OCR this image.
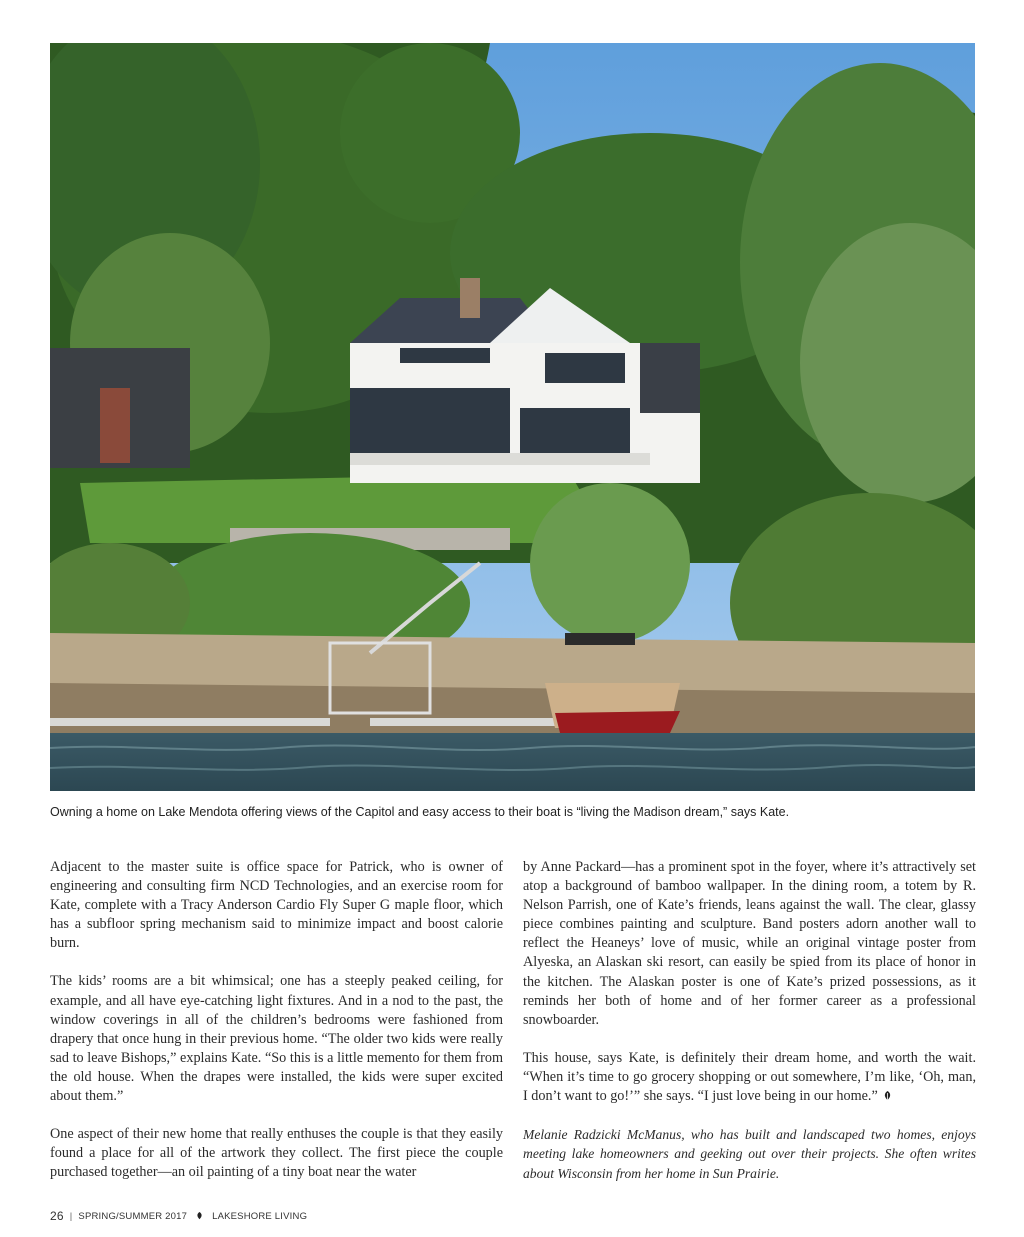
Owning a home on Lake Mendota offering views of the Capitol and easy access to their boat is “living the Madison dream,” says Kate.

Adjacent to the master suite is office space for Patrick, who is owner of engineering and consulting firm NCD Technologies, and an exercise room for Kate, complete with a Tracy Anderson Cardio Fly Super G maple floor, which has a subfloor spring mechanism said to minimize impact and boost calorie burn.

The kids’ rooms are a bit whimsical; one has a steeply peaked ceiling, for example, and all have eye-catching light fixtures. And in a nod to the past, the window coverings in all of the children’s bedrooms were fashioned from drapery that once hung in their previous home. “The older two kids were really sad to leave Bishops,” explains Kate. “So this is a little memento for them from the old house. When the drapes were installed, the kids were super excited about them.”

One aspect of their new home that really enthuses the couple is that they easily found a place for all of the artwork they collect. The first piece the couple purchased together—an oil painting of a tiny boat near the water

by Anne Packard—has a prominent spot in the foyer, where it’s attractively set atop a background of bamboo wallpaper. In the dining room, a totem by R. Nelson Parrish, one of Kate’s friends, leans against the wall. The clear, glassy piece combines painting and sculpture. Band posters adorn another wall to reflect the Heaneys’ love of music, while an original vintage poster from Alyeska, an Alaskan ski resort, can easily be spied from its place of honor in the kitchen. The Alaskan poster is one of Kate’s prized possessions, as it reminds her both of home and of her former career as a professional snowboarder.

This house, says Kate, is definitely their dream home, and worth the wait. “When it’s time to go grocery shopping or out somewhere, I’m like, ‘Oh, man, I don’t want to go!’” she says. “I just love being in our home.”

Melanie Radzicki McManus, who has built and landscaped two homes, enjoys meeting lake homeowners and geeking out over their projects. She often writes about Wisconsin from her home in Sun Prairie.

26 | SPRING/SUMMER 2017	LAKESHORE LIVING
